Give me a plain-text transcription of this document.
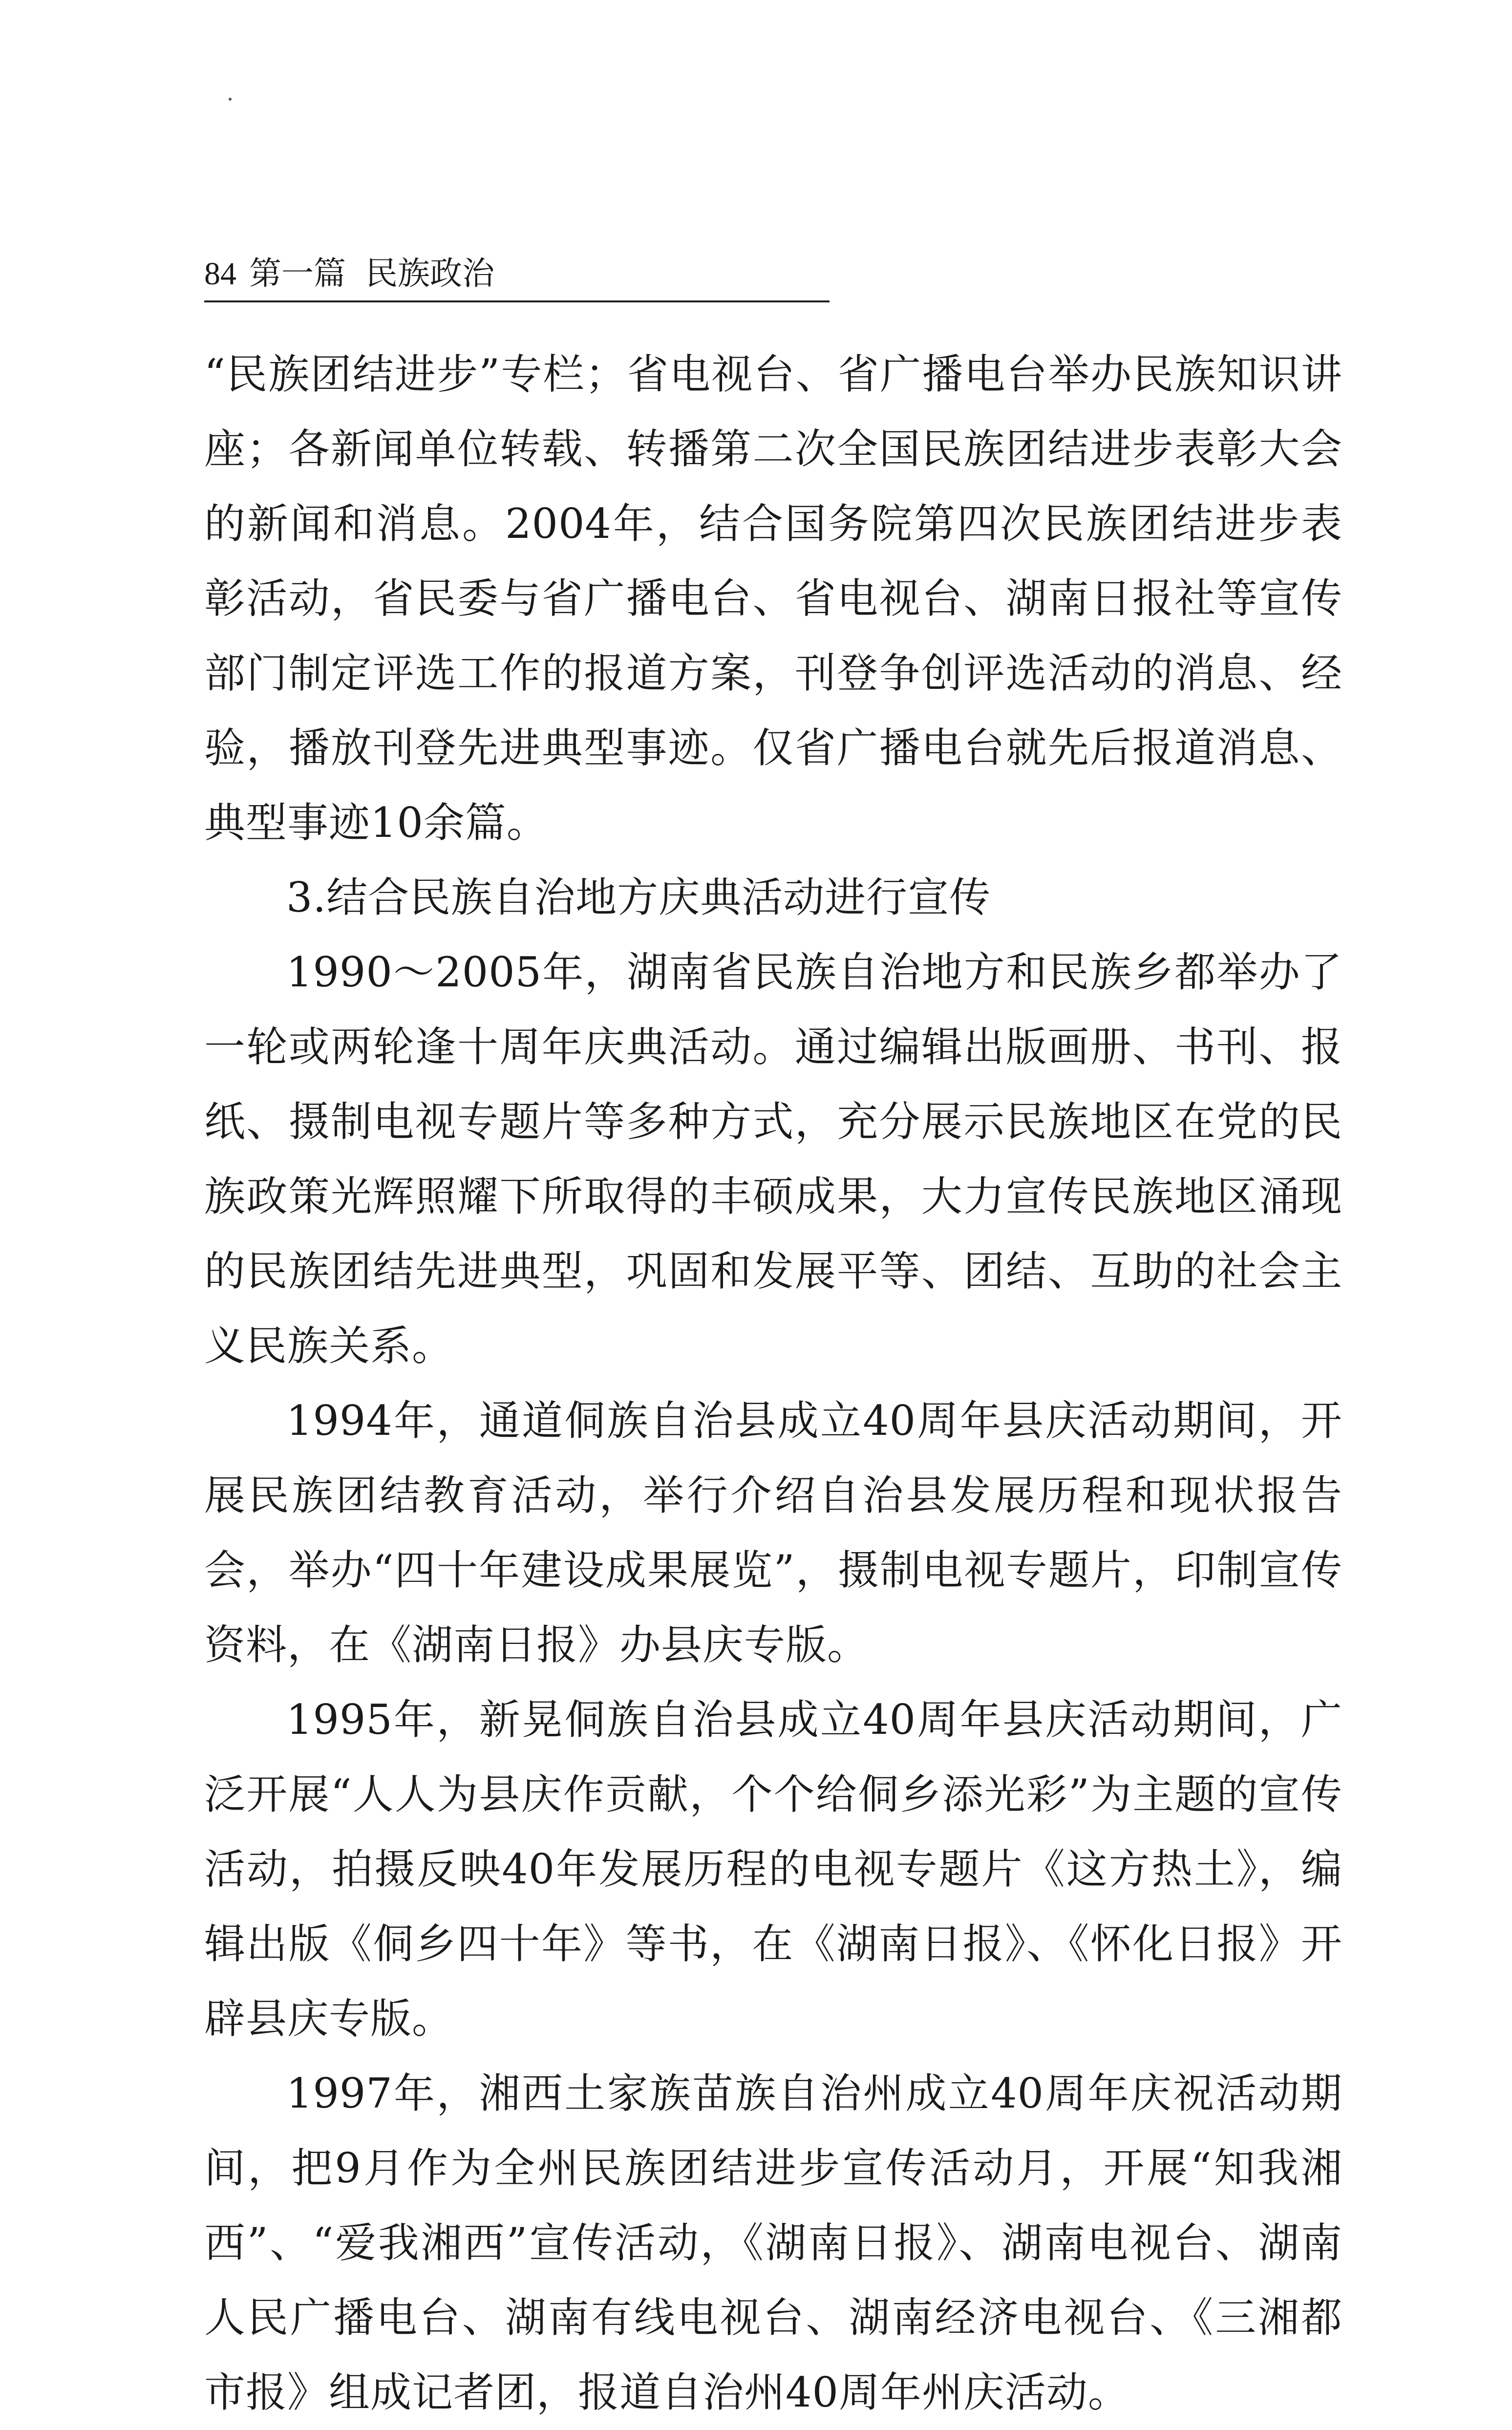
84 第一篇 民族政治

“民族团结进步”专栏；省电视台、省广播电台举办民族知识讲座；各新闻单位转载、转播第二次全国民族团结进步表彰大会的新闻和消息。2004年，结合国务院第四次民族团结进步表彰活动，省民委与省广播电台、省电视台、湖南日报社等宣传部门制定评选工作的报道方案，刊登争创评选活动的消息、经验，播放刊登先进典型事迹。仅省广播电台就先后报道消息、典型事迹10余篇。

3.结合民族自治地方庆典活动进行宣传

1990～2005年，湖南省民族自治地方和民族乡都举办了一轮或两轮逢十周年庆典活动。通过编辑出版画册、书刊、报纸、摄制电视专题片等多种方式，充分展示民族地区在党的民族政策光辉照耀下所取得的丰硕成果，大力宣传民族地区涌现的民族团结先进典型，巩固和发展平等、团结、互助的社会主义民族关系。

1994年，通道侗族自治县成立40周年县庆活动期间，开展民族团结教育活动，举行介绍自治县发展历程和现状报告会，举办“四十年建设成果展览”，摄制电视专题片，印制宣传资料，在《湖南日报》办县庆专版。

1995年，新晃侗族自治县成立40周年县庆活动期间，广泛开展“人人为县庆作贡献，个个给侗乡添光彩”为主题的宣传活动，拍摄反映40年发展历程的电视专题片《这方热土》，编辑出版《侗乡四十年》等书，在《湖南日报》、《怀化日报》开辟县庆专版。

1997年，湘西土家族苗族自治州成立40周年庆祝活动期间，把9月作为全州民族团结进步宣传活动月，开展“知我湘西”、“爱我湘西”宣传活动，《湖南日报》、湖南电视台、湖南人民广播电台、湖南有线电视台、湖南经济电视台、《三湘都市报》组成记者团，报道自治州40周年州庆活动。
